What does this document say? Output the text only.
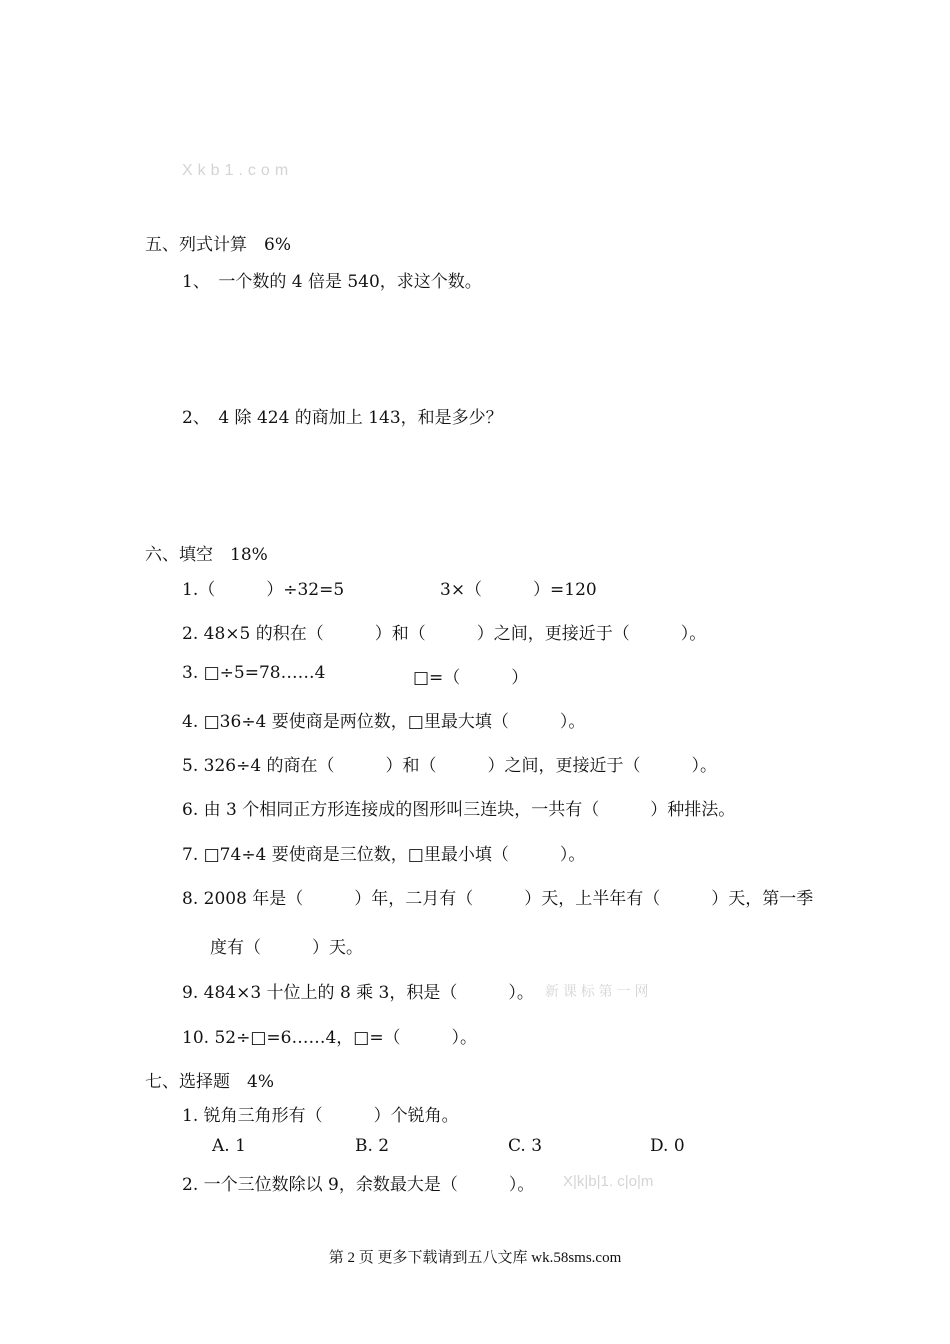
Xkb1.com
五、列式计算　6%
1、　一个数的 4 倍是 540，求这个数。
2、　4 除 424 的商加上 143，和是多少？
六、填空　18%
1.（　　　）÷32=5	3×（　　　）=120
2. 48×5 的积在（　　　）和（　　　）之间，更接近于（　　　）。
3. □÷5=78……4	□=（　　　）
4. □36÷4 要使商是两位数，□里最大填（　　　）。
5. 326÷4 的商在（　　　）和（　　　）之间，更接近于（　　　）。
6. 由 3 个相同正方形连接成的图形叫三连块，一共有（　　　）种排法。
7. □74÷4 要使商是三位数，□里最小填（　　　）。
8. 2008 年是（　　　）年，二月有（　　　）天，上半年有（　　　）天，第一季
度有（　　　）天。
9. 484×3 十位上的 8 乘 3，积是（　　　）。 新 课 标 第 一 网
10. 52÷□=6……4，□=（　　　）。
七、选择题　4%
1. 锐角三角形有（　　　）个锐角。
A. 1	B. 2	C. 3	D. 0
2. 一个三位数除以 9，余数最大是（　　　）。 X|k|b|1. c|o|m
第 2 页 更多下载请到五八文库 wk.58sms.com
